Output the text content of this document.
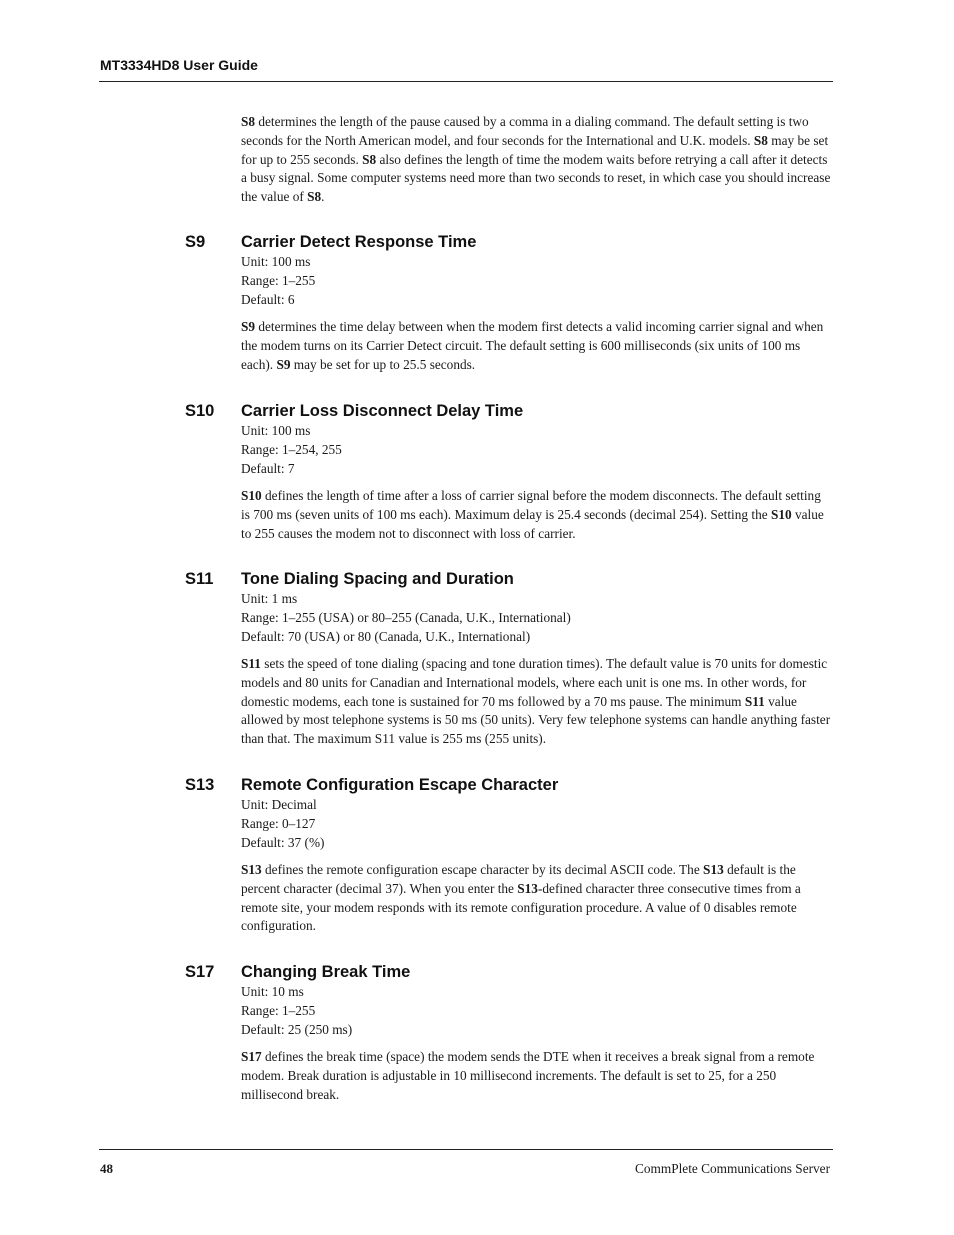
MT3334HD8 User Guide

S8 determines the length of the pause caused by a comma in a dialing command. The default setting is two seconds for the North American model, and four seconds for the International and U.K. models. S8 may be set for up to 255 seconds. S8 also defines the length of time the modem waits before retrying a call after it detects a busy signal. Some computer systems need more than two seconds to reset, in which case you should increase the value of S8.

S9 Carrier Detect Response Time
Unit: 100 ms
Range: 1–255
Default: 6

S9 determines the time delay between when the modem first detects a valid incoming carrier signal and when the modem turns on its Carrier Detect circuit. The default setting is 600 milliseconds (six units of 100 ms each). S9 may be set for up to 25.5 seconds.

S10 Carrier Loss Disconnect Delay Time
Unit: 100 ms
Range: 1–254, 255
Default: 7

S10 defines the length of time after a loss of carrier signal before the modem disconnects. The default setting is 700 ms (seven units of 100 ms each). Maximum delay is 25.4 seconds (decimal 254). Setting the S10 value to 255 causes the modem not to disconnect with loss of carrier.

S11 Tone Dialing Spacing and Duration
Unit: 1 ms
Range: 1–255 (USA) or 80–255 (Canada, U.K., International)
Default: 70 (USA) or 80 (Canada, U.K., International)

S11 sets the speed of tone dialing (spacing and tone duration times). The default value is 70 units for domestic models and 80 units for Canadian and International models, where each unit is one ms. In other words, for domestic modems, each tone is sustained for 70 ms followed by a 70 ms pause. The minimum S11 value allowed by most telephone systems is 50 ms (50 units). Very few telephone systems can handle anything faster than that. The maximum S11 value is 255 ms (255 units).

S13 Remote Configuration Escape Character
Unit: Decimal
Range: 0–127
Default: 37 (%)

S13 defines the remote configuration escape character by its decimal ASCII code. The S13 default is the percent character (decimal 37). When you enter the S13-defined character three consecutive times from a remote site, your modem responds with its remote configuration procedure. A value of 0 disables remote configuration.

S17 Changing Break Time
Unit: 10 ms
Range: 1–255
Default: 25 (250 ms)

S17 defines the break time (space) the modem sends the DTE when it receives a break signal from a remote modem. Break duration is adjustable in 10 millisecond increments. The default is set to 25, for a 250 millisecond break.

48	CommPlete Communications Server
